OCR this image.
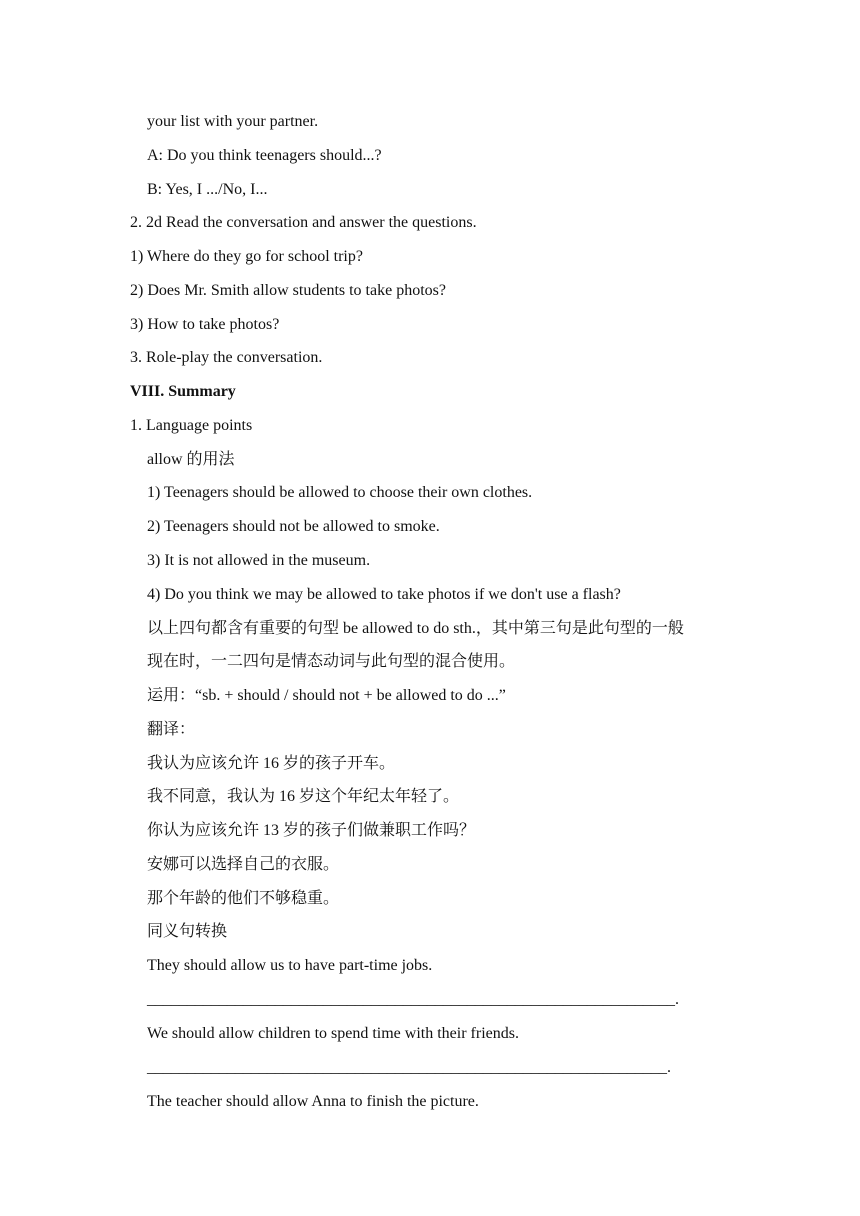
your list with your partner.
A: Do you think teenagers should...?
B: Yes, I .../No, I...
2. 2d Read the conversation and answer the questions.
1) Where do they go for school trip?
2) Does Mr. Smith allow students to take photos?
3) How to take photos?
3. Role-play the conversation.
VIII. Summary
1. Language points
allow 的用法
1) Teenagers should be allowed to choose their own clothes.
2) Teenagers should not be allowed to smoke.
3) It is not allowed in the museum.
4) Do you think we may be allowed to take photos if we don't use a flash?
以上四句都含有重要的句型 be allowed to do sth.，其中第三句是此句型的一般
现在时，一二四句是情态动词与此句型的混合使用。
运用：“sb. + should / should not + be allowed to do ...”
翻译：
我认为应该允许 16 岁的孩子开车。
我不同意，我认为 16 岁这个年纪太年轻了。
你认为应该允许 13 岁的孩子们做兼职工作吗？
安娜可以选择自己的衣服。
那个年龄的他们不够稳重。
同义句转换
They should allow us to have part-time jobs.
__________________________________________________________________.
We should allow children to spend time with their friends.
_________________________________________________________________.
The teacher should allow Anna to finish the picture.
